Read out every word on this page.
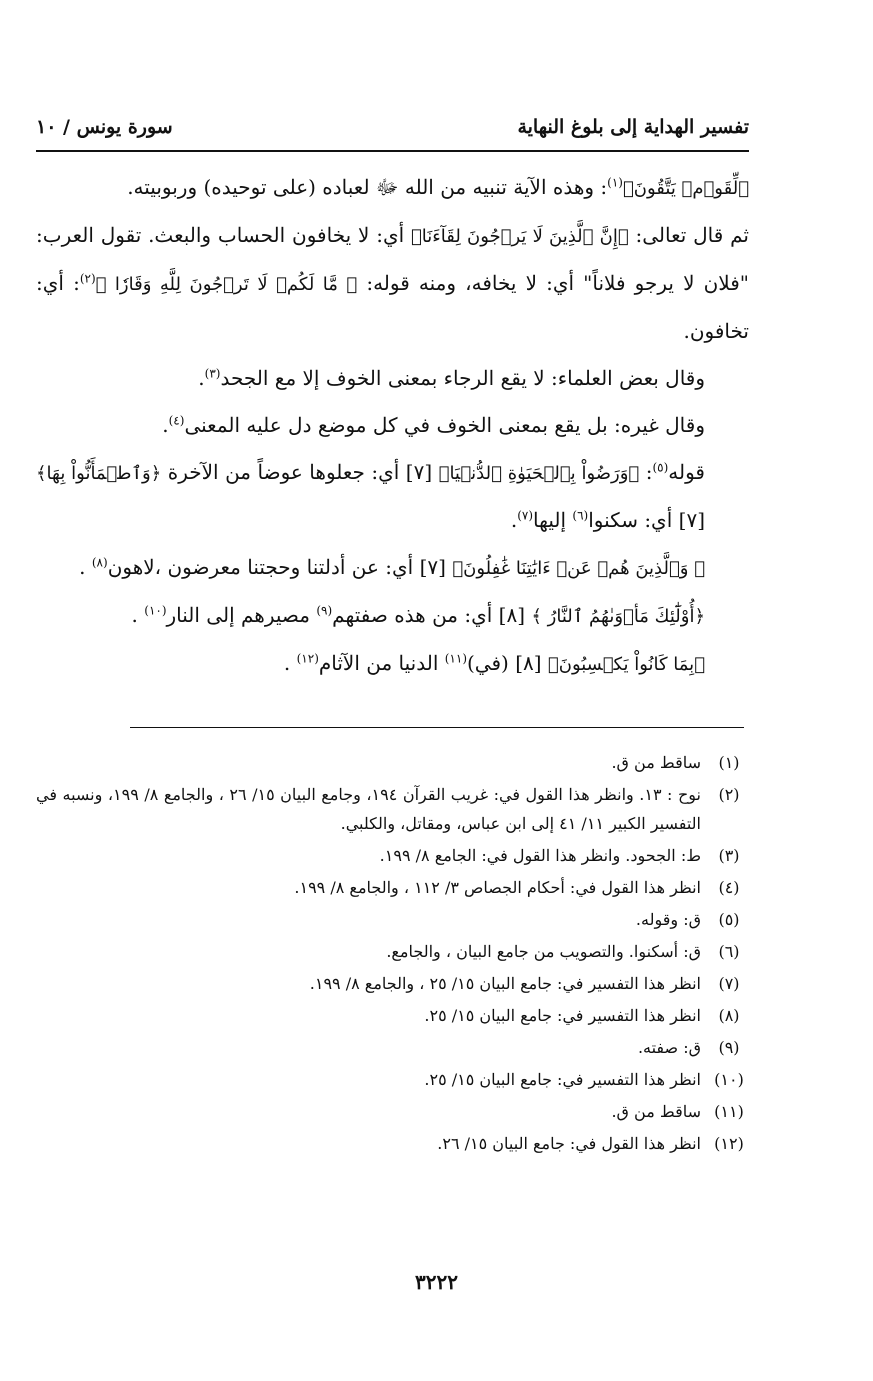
تفسير الهداية إلى بلوغ النهاية
سورة يونس / ١٠

﴿لِّقَوۡمٖ يَتَّقُونَ﴾$^{(١)}$: وهذه الآية تنبيه من الله ﷻ لعباده (على توحيده) وربوبيته.

ثم قال تعالى: ﴿إِنَّ ٱلَّذِينَ لَا يَرۡجُونَ لِقَآءَنَا﴾ أي: لا يخافون الحساب والبعث. تقول العرب: "فلان لا يرجو فلاناً" أي: لا يخافه، ومنه قوله: ﴿ مَّا لَكُمۡ لَا تَرۡجُونَ لِلَّهِ وَقَارٗا ﴾$^{(٢)}$: أي: تخافون.

وقال بعض العلماء: لا يقع الرجاء بمعنى الخوف إلا مع الجحد$^{(٣)}$.

وقال غيره: بل يقع بمعنى الخوف في كل موضع دل عليه المعنى$^{(٤)}$.

قوله$^{(٥)}$: ﴿وَرَضُواْ بِٱلۡحَيَوٰةِ ٱلدُّنۡيَا﴾ [٧] أي: جعلوها عوضاً من الآخرة ﴿وَٱطۡمَأَنُّواْ بِهَا﴾ [٧] أي: سكنوا$^{(٦)}$ إليها$^{(٧)}$.

﴿ وَٱلَّذِينَ هُمۡ عَنۡ ءَايَٰتِنَا غَٰفِلُونَ﴾ [٧] أي: عن أدلتنا وحجتنا معرضون ،لاهون$^{(٨)}$ .

﴿أُوْلَٰٓئِكَ مَأۡوَىٰهُمُ ٱلنَّارُ ﴾ [٨] أي: من هذه صفتهم$^{(٩)}$ مصيرهم إلى النار$^{(١٠)}$ .

﴿بِمَا كَانُواْ يَكۡسِبُونَ﴾ [٨] (في)$^{(١١)}$ الدنيا من الآثام$^{(١٢)}$ .

(١)
ساقط من ق.

(٢)
نوح : ١٣. وانظر هذا القول في: غريب القرآن ١٩٤، وجامع البيان ١٥/ ٢٦ ، والجامع ٨/ ١٩٩، ونسبه في التفسير الكبير ١١/ ٤١ إلى ابن عباس، ومقاتل، والكلبي.

(٣)
ط: الجحود. وانظر هذا القول في: الجامع ٨/ ١٩٩.

(٤)
انظر هذا القول في: أحكام الجصاص ٣/ ١١٢ ، والجامع ٨/ ١٩٩.

(٥)
ق: وقوله.

(٦)
ق: أسكنوا. والتصويب من جامع البيان ، والجامع.

(٧)
انظر هذا التفسير في: جامع البيان ١٥/ ٢٥ ، والجامع ٨/ ١٩٩.

(٨)
انظر هذا التفسير في: جامع البيان ١٥/ ٢٥.

(٩)
ق: صفته.

(١٠)
انظر هذا التفسير في: جامع البيان ١٥/ ٢٥.

(١١)
ساقط من ق.

(١٢)
انظر هذا القول في: جامع البيان ١٥/ ٢٦.

٣٢٢٢
